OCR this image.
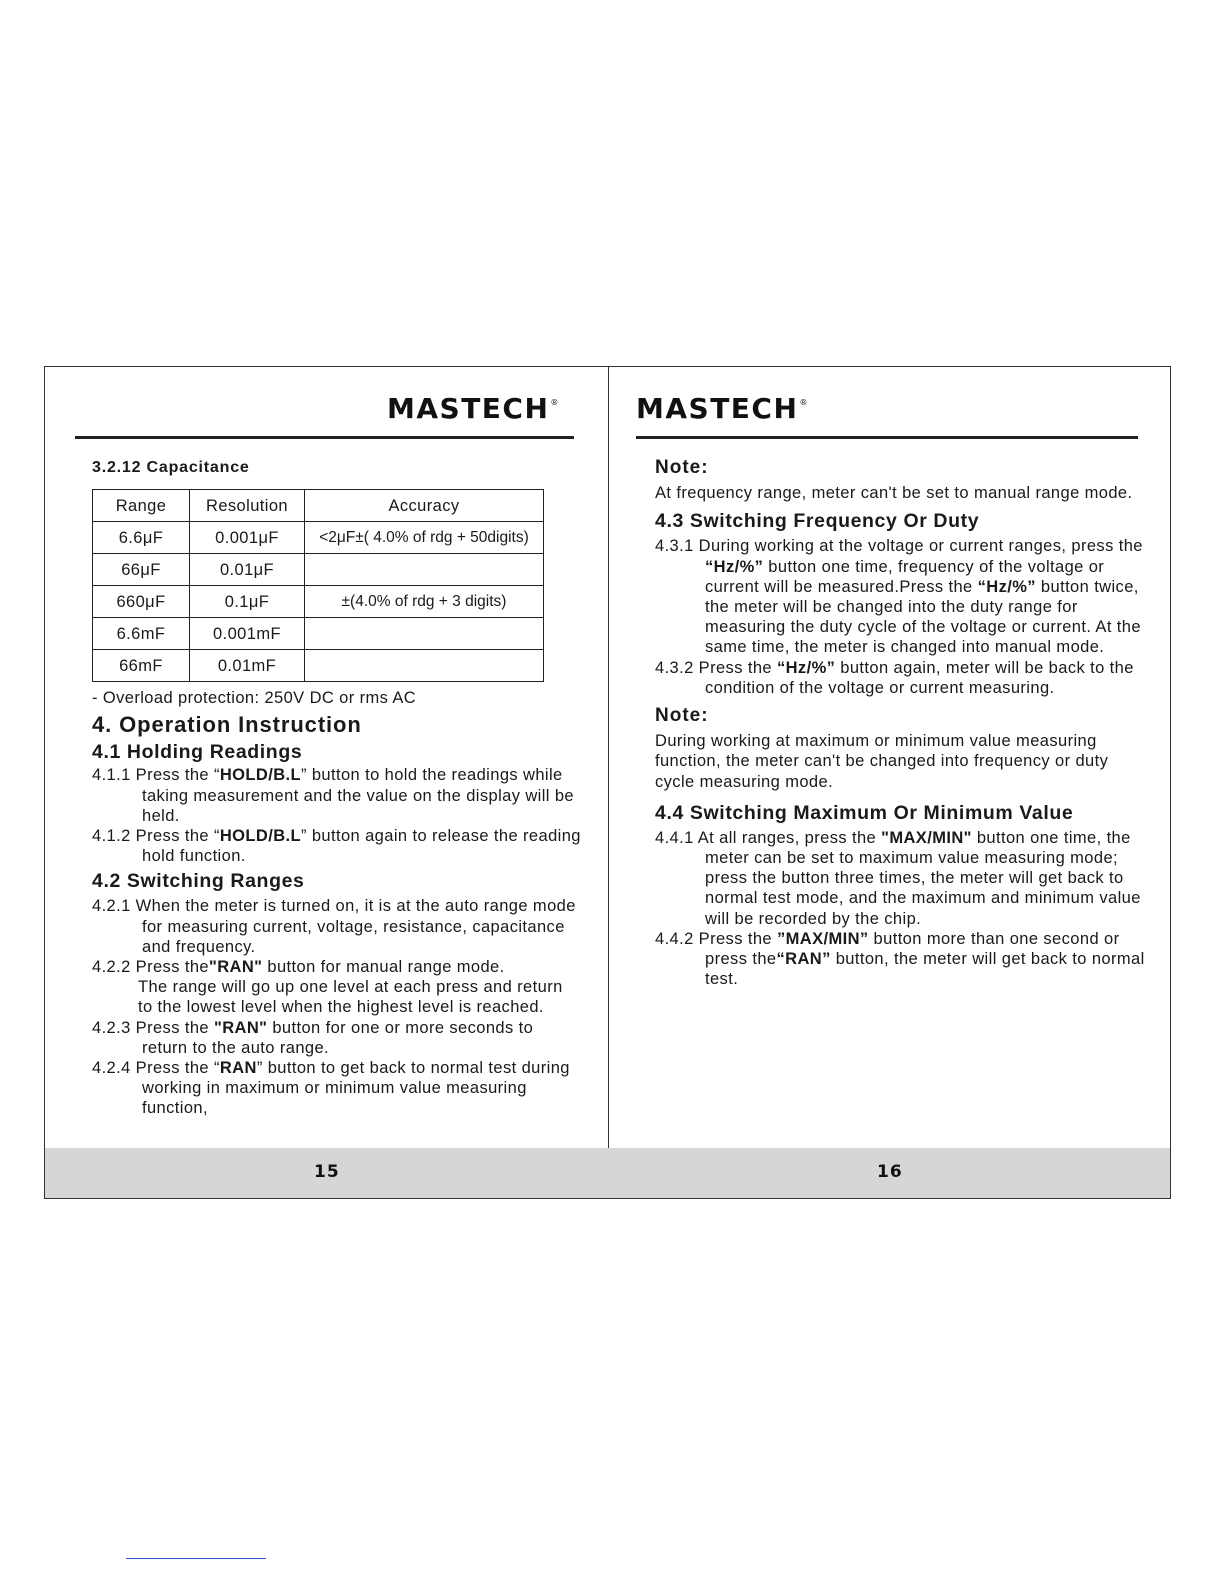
MASTECH®	MASTECH®

3.2.12 Capacitance

Range	Resolution	Accuracy
6.6μF	0.001μF	<2μF±( 4.0% of rdg + 50digits)
66μF	0.01μF	
660μF	0.1μF	±(4.0% of rdg + 3 digits)
6.6mF	0.001mF	
66mF	0.01mF	

- Overload protection: 250V DC or rms AC

4. Operation Instruction

4.1 Holding Readings

4.1.1 Press the “HOLD/B.L” button to hold the readings while taking measurement and the value on the display will be held.

4.1.2 Press the “HOLD/B.L” button again to release the reading hold function.

4.2 Switching Ranges

4.2.1 When the meter is turned on, it is at the auto range mode for measuring current, voltage, resistance, capacitance and frequency.

4.2.2 Press the"RAN" button for manual range mode.

The range will go up one level at each press and return to the lowest level when the highest level is reached.

4.2.3 Press the "RAN" button for one or more seconds to return to the auto range.

4.2.4 Press the “RAN” button to get back to normal test during working in maximum or minimum value measuring function,

Note:

At frequency range, meter can't be set to manual range mode.

4.3 Switching Frequency Or Duty

4.3.1 During working at the voltage or current ranges, press the “Hz/%” button one time, frequency of the voltage or current will be measured.Press the “Hz/%” button twice, the meter will be changed into the duty range for measuring the duty cycle of the voltage or current. At the same time, the meter is changed into manual mode.

4.3.2 Press the “Hz/%” button again, meter will be back to the condition of the voltage or current measuring.

Note:

During working at maximum or minimum value measuring function, the meter can't be changed into frequency or duty cycle measuring mode.

4.4 Switching Maximum Or Minimum Value

4.4.1 At all ranges, press the "MAX/MIN" button one time, the meter can be set to maximum value measuring mode; press the button three times, the meter will get back to normal test mode, and the maximum and minimum value will be recorded by the chip.

4.4.2 Press the ”MAX/MIN” button more than one second or press the“RAN” button, the meter will get back to normal test.

15	16
